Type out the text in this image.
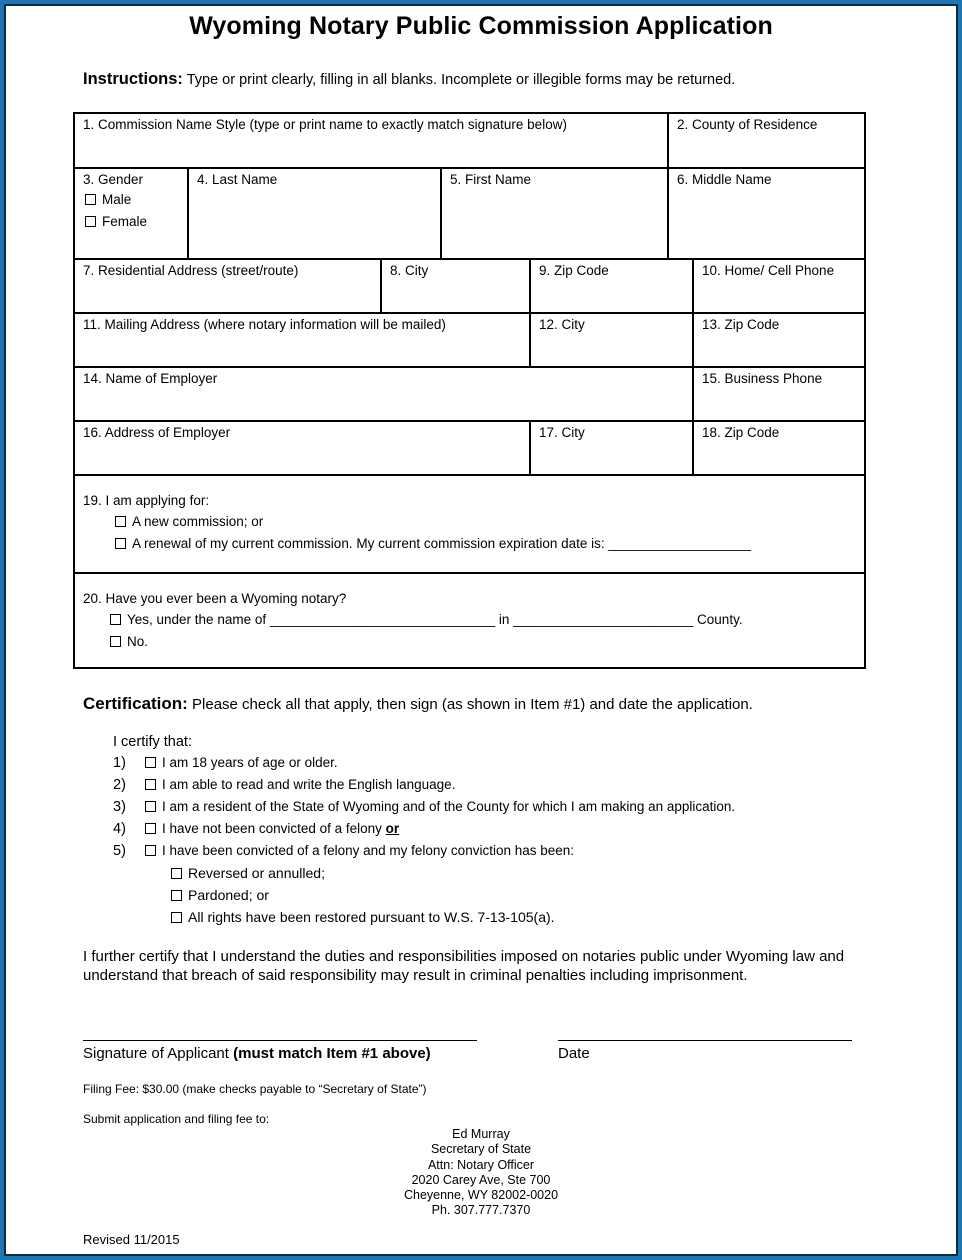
Wyoming Notary Public Commission Application
Instructions: Type or print clearly, filling in all blanks. Incomplete or illegible forms may be returned.
1. Commission Name Style (type or print name to exactly match signature below)	2. County of Residence
3. Gender
Male
Female
4. Last Name	5. First Name	6. Middle Name
7. Residential Address (street/route)	8. City	9. Zip Code	10. Home/ Cell Phone
11. Mailing Address (where notary information will be mailed)	12. City	13. Zip Code
14. Name of Employer	15. Business Phone
16. Address of Employer	17. City	18. Zip Code
19. I am applying for:
A new commission; or
A renewal of my current commission. My current commission expiration date is: ___________________
20. Have you ever been a Wyoming notary?
Yes, under the name of ______________________________ in ________________________ County.
No.
Certification: Please check all that apply, then sign (as shown in Item #1) and date the application.
I certify that:
1)	I am 18 years of age or older.
2)	I am able to read and write the English language.
3)	I am a resident of the State of Wyoming and of the County for which I am making an application.
4)	I have not been convicted of a felony or
5)	I have been convicted of a felony and my felony conviction has been:
Reversed or annulled;
Pardoned; or
All rights have been restored pursuant to W.S. 7-13-105(a).
I further certify that I understand the duties and responsibilities imposed on notaries public under Wyoming law and understand that breach of said responsibility may result in criminal penalties including imprisonment.
Signature of Applicant (must match Item #1 above)	Date
Filing Fee: $30.00 (make checks payable to “Secretary of State”)
Submit application and filing fee to:
Ed Murray
Secretary of State
Attn: Notary Officer
2020 Carey Ave, Ste 700
Cheyenne, WY 82002-0020
Ph. 307.777.7370
Revised 11/2015
